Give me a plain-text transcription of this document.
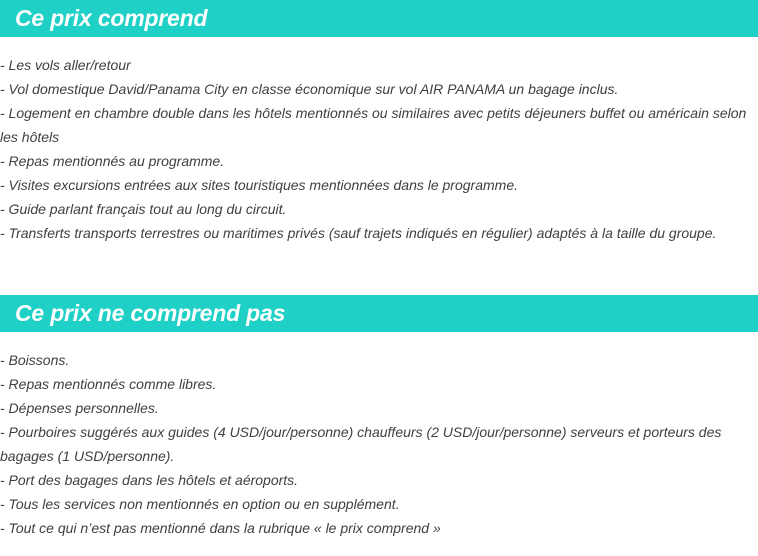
Ce prix comprend
- Les vols aller/retour
- Vol domestique David/Panama City en classe économique sur vol AIR PANAMA un bagage inclus.
- Logement en chambre double dans les hôtels mentionnés ou similaires avec petits déjeuners buffet ou américain selon les hôtels
- Repas mentionnés au programme.
- Visites excursions entrées aux sites touristiques mentionnées dans le programme.
- Guide parlant français tout au long du circuit.
- Transferts transports terrestres ou maritimes privés (sauf trajets indiqués en régulier) adaptés à la taille du groupe.
Ce prix ne comprend pas
- Boissons.
- Repas mentionnés comme libres.
- Dépenses personnelles.
- Pourboires suggérés aux guides (4 USD/jour/personne) chauffeurs (2 USD/jour/personne) serveurs et porteurs des bagages (1 USD/personne).
- Port des bagages dans les hôtels et aéroports.
- Tous les services non mentionnés en option ou en supplément.
- Tout ce qui n’est pas mentionné dans la rubrique « le prix comprend »
